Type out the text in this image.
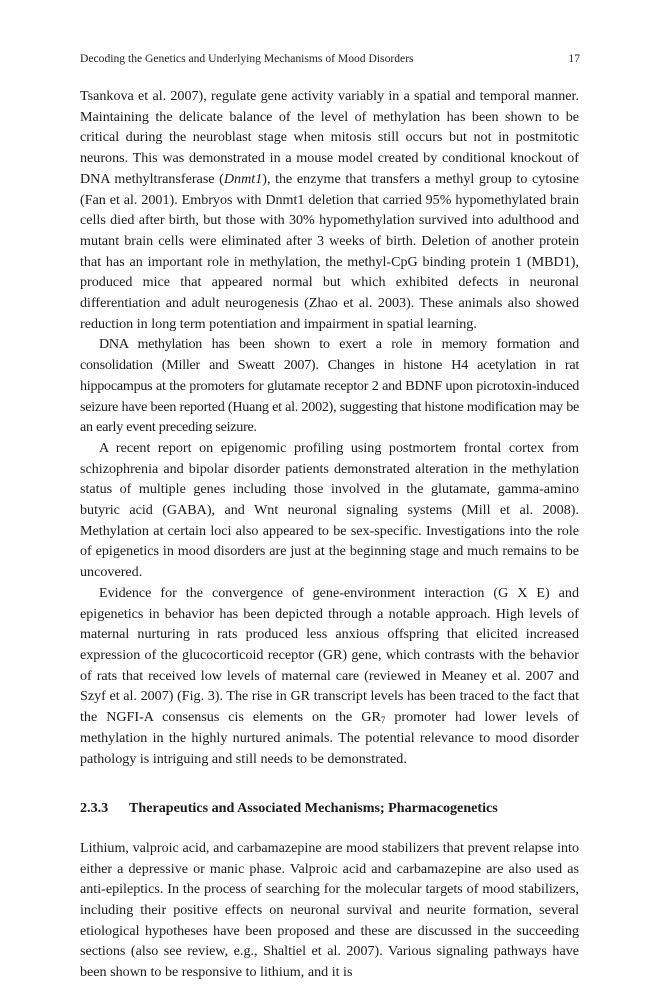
Decoding the Genetics and Underlying Mechanisms of Mood Disorders	17

Tsankova et al. 2007), regulate gene activity variably in a spatial and temporal manner. Maintaining the delicate balance of the level of methylation has been shown to be critical during the neuroblast stage when mitosis still occurs but not in postmitotic neurons. This was demonstrated in a mouse model created by conditional knockout of DNA methyltransferase (Dnmt1), the enzyme that transfers a methyl group to cytosine (Fan et al. 2001). Embryos with Dnmt1 deletion that carried 95% hypomethylated brain cells died after birth, but those with 30% hypomethylation survived into adulthood and mutant brain cells were eliminated after 3 weeks of birth. Deletion of another protein that has an important role in methylation, the methyl-CpG binding protein 1 (MBD1), produced mice that appeared normal but which exhibited defects in neuronal differentiation and adult neurogenesis (Zhao et al. 2003). These animals also showed reduction in long term potentiation and impairment in spatial learning.

DNA methylation has been shown to exert a role in memory formation and consolidation (Miller and Sweatt 2007). Changes in histone H4 acetylation in rat hippocampus at the promoters for glutamate receptor 2 and BDNF upon picrotoxin-induced seizure have been reported (Huang et al. 2002), suggesting that histone modification may be an early event preceding seizure.

A recent report on epigenomic profiling using postmortem frontal cortex from schizophrenia and bipolar disorder patients demonstrated alteration in the methylation status of multiple genes including those involved in the glutamate, gamma-amino butyric acid (GABA), and Wnt neuronal signaling systems (Mill et al. 2008). Methylation at certain loci also appeared to be sex-specific. Investigations into the role of epigenetics in mood disorders are just at the beginning stage and much remains to be uncovered.

Evidence for the convergence of gene-environment interaction (G X E) and epigenetics in behavior has been depicted through a notable approach. High levels of maternal nurturing in rats produced less anxious offspring that elicited increased expression of the glucocorticoid receptor (GR) gene, which contrasts with the behavior of rats that received low levels of maternal care (reviewed in Meaney et al. 2007 and Szyf et al. 2007) (Fig. 3). The rise in GR transcript levels has been traced to the fact that the NGFI-A consensus cis elements on the $GR_7$ promoter had lower levels of methylation in the highly nurtured animals. The potential relevance to mood disorder pathology is intriguing and still needs to be demonstrated.

2.3.3 Therapeutics and Associated Mechanisms; Pharmacogenetics

Lithium, valproic acid, and carbamazepine are mood stabilizers that prevent relapse into either a depressive or manic phase. Valproic acid and carbamazepine are also used as anti-epileptics. In the process of searching for the molecular targets of mood stabilizers, including their positive effects on neuronal survival and neurite formation, several etiological hypotheses have been proposed and these are discussed in the succeeding sections (also see review, e.g., Shaltiel et al. 2007). Various signaling pathways have been shown to be responsive to lithium, and it is
